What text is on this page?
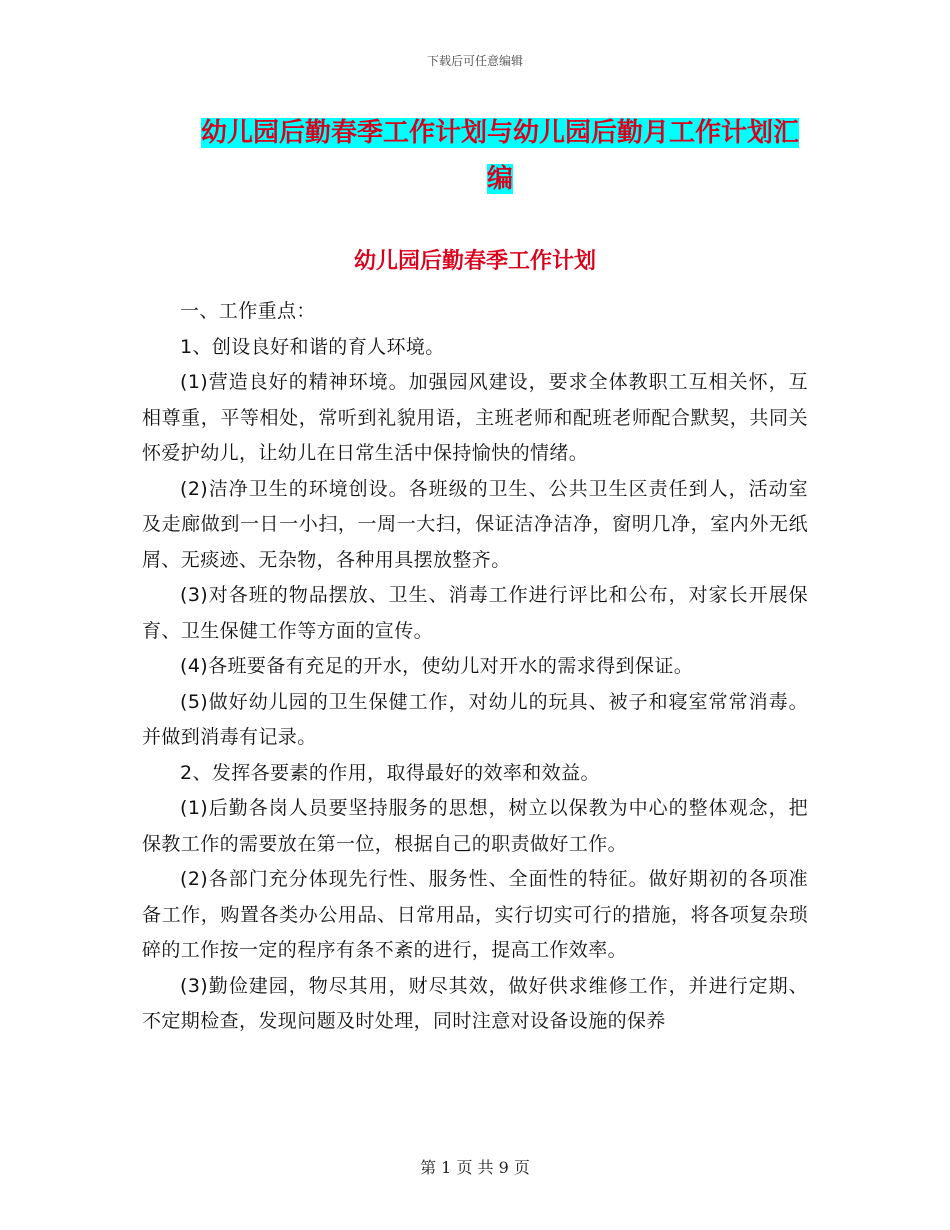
下载后可任意编辑
幼儿园后勤春季工作计划与幼儿园后勤月工作计划汇编
幼儿园后勤春季工作计划

一、工作重点：

1、创设良好和谐的育人环境。

(1)营造良好的精神环境。加强园风建设，要求全体教职工互相关怀，互相尊重，平等相处，常听到礼貌用语，主班老师和配班老师配合默契，共同关怀爱护幼儿，让幼儿在日常生活中保持愉快的情绪。

(2)洁净卫生的环境创设。各班级的卫生、公共卫生区责任到人，活动室及走廊做到一日一小扫，一周一大扫，保证洁净洁净，窗明几净，室内外无纸屑、无痰迹、无杂物，各种用具摆放整齐。

(3)对各班的物品摆放、卫生、消毒工作进行评比和公布，对家长开展保育、卫生保健工作等方面的宣传。

(4)各班要备有充足的开水，使幼儿对开水的需求得到保证。

(5)做好幼儿园的卫生保健工作，对幼儿的玩具、被子和寝室常常消毒。并做到消毒有记录。

2、发挥各要素的作用，取得最好的效率和效益。

(1)后勤各岗人员要坚持服务的思想，树立以保教为中心的整体观念，把保教工作的需要放在第一位，根据自己的职责做好工作。

(2)各部门充分体现先行性、服务性、全面性的特征。做好期初的各项准备工作，购置各类办公用品、日常用品，实行切实可行的措施，将各项复杂琐碎的工作按一定的程序有条不紊的进行，提高工作效率。

(3)勤俭建园，物尽其用，财尽其效，做好供求维修工作，并进行定期、不定期检查，发现问题及时处理，同时注意对设备设施的保养

第 1 页 共 9 页
